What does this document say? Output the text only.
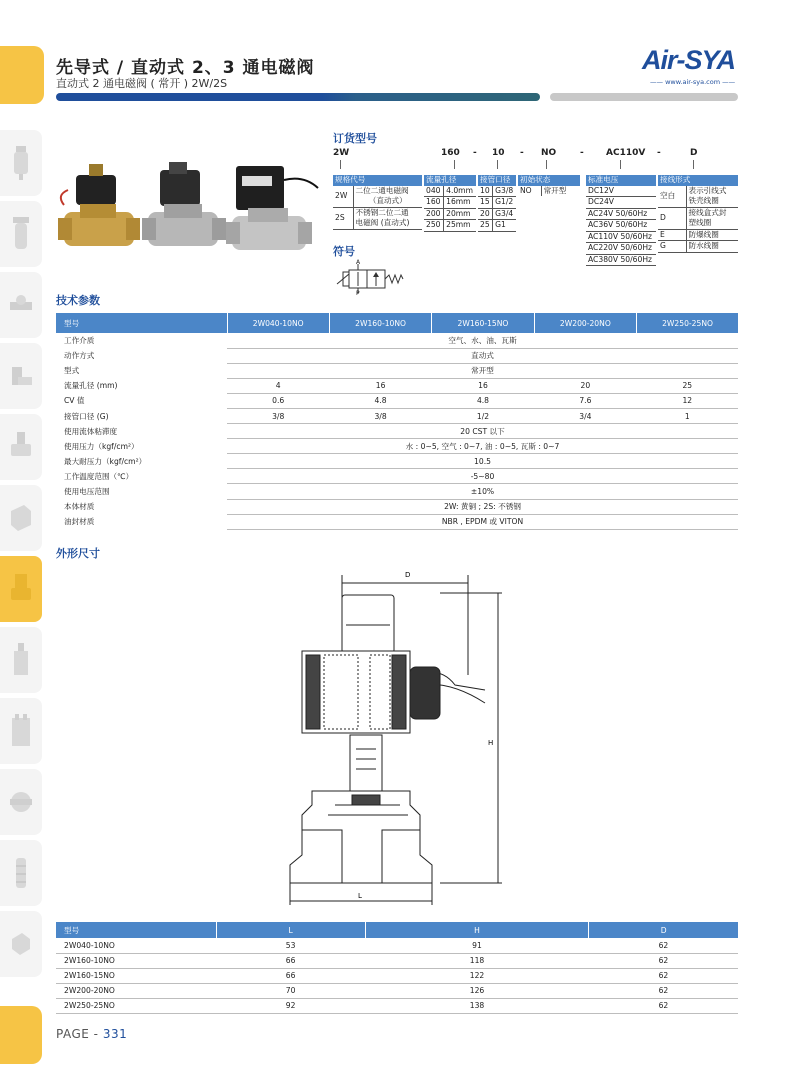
先导式 / 直动式 2、3 通电磁阀
直动式 2 通电磁阀 ( 常开 ) 2W/2S
Air-SYA
—— www.air-sya.com ——
订货型号
2W	160 - 10 - NO	- AC110V -	D
规格代号	
2W	二位二通电磁阀
	（直动式）
2S	不锈钢二位二通
	电磁阀 (直动式)
流量孔径	
040	4.0mm
160	16mm
200	20mm
250	25mm
接管口径	
10	G3/8
15	G1/2
20	G3/4
25	G1
初始状态
NO	常开型
标准电压
DC12V
DC24V
AC24V 50/60Hz
AC36V 50/60Hz
AC110V 50/60Hz
AC220V 50/60Hz
AC380V 50/60Hz
接线形式	
空白	表示引线式
	铁壳线圈
D	接线盒式封
	塑线圈
E	防爆线圈
G	防水线圈
符号
A
P
技术参数
型号	2W040-10NO	2W160-10NO	2W160-15NO	2W200-20NO	2W250-25NO
工作介质	空气、水、油、瓦斯				
动作方式	直动式				
型式	常开型				
流量孔径 (mm)	4	16	16	20	25
CV 值	0.6	4.8	4.8	7.6	12
接管口径 (G)	3/8	3/8	1/2	3/4	1
使用流体粘滞度	20 CST 以下				
使用压力（kgf/cm²）	水 : 0~5, 空气 : 0~7, 油 : 0~5, 瓦斯 : 0~7				
最大耐压力（kgf/cm²）	10.5				
工作温度范围（℃）	-5~80				
使用电压范围	±10%				
本体材质	2W: 黄铜 ; 2S: 不锈钢				
油封材质	NBR , EPDM 或 VITON				
外形尺寸
D
H
L
型号	L	H	D
2W040-10NO	53	91	62
2W160-10NO	66	118	62
2W160-15NO	66	122	62
2W200-20NO	70	126	62
2W250-25NO	92	138	62
PAGE - 331
